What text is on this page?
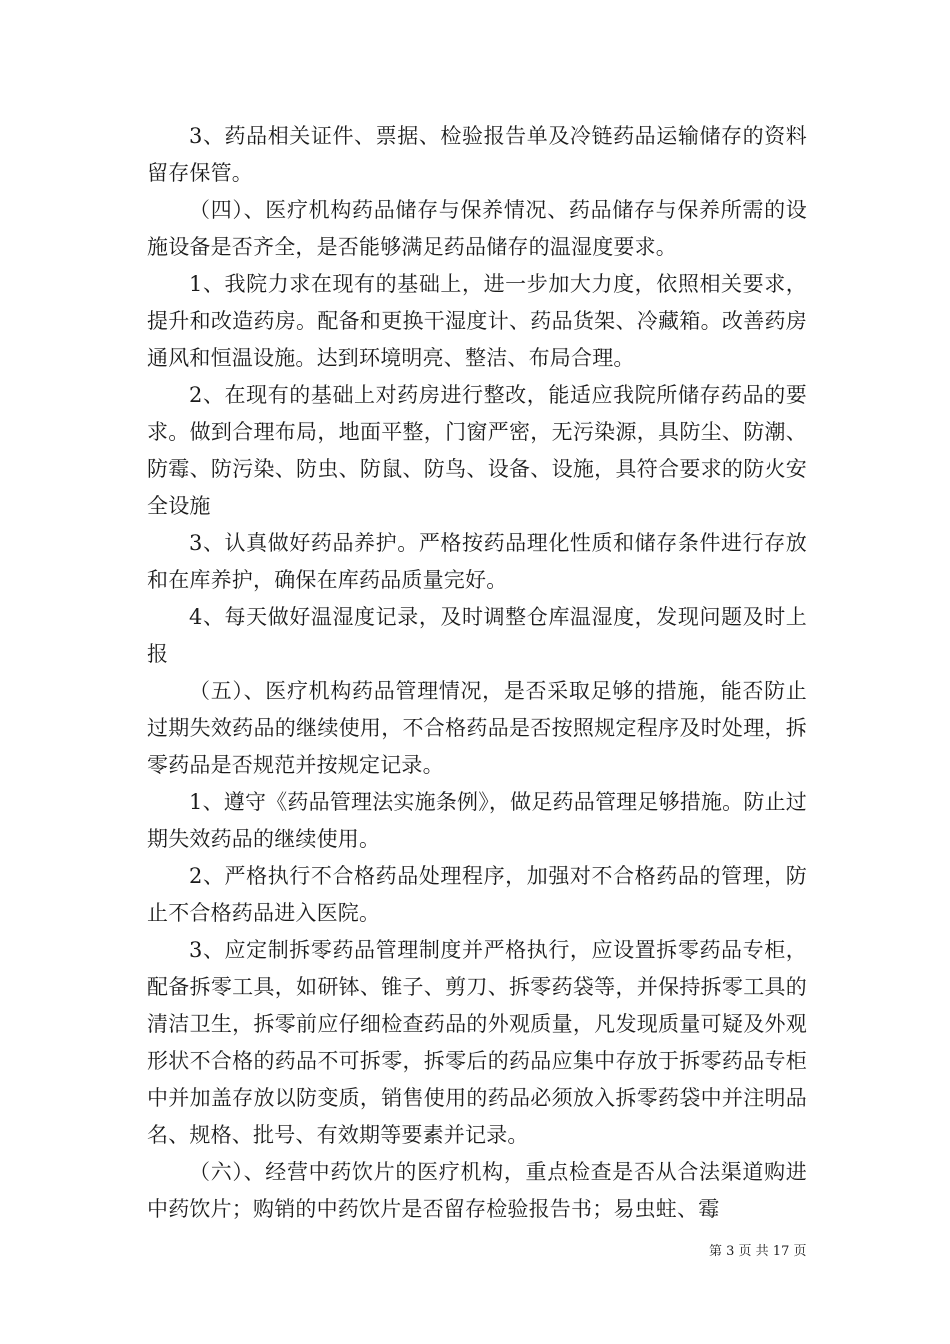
3、药品相关证件、票据、检验报告单及冷链药品运输储存的资料留存保管。

（四）、医疗机构药品储存与保养情况、药品储存与保养所需的设施设备是否齐全，是否能够满足药品储存的温湿度要求。

1、我院力求在现有的基础上，进一步加大力度，依照相关要求，提升和改造药房。配备和更换干湿度计、药品货架、冷藏箱。改善药房通风和恒温设施。达到环境明亮、整洁、布局合理。

2、在现有的基础上对药房进行整改，能适应我院所储存药品的要求。做到合理布局，地面平整，门窗严密，无污染源，具防尘、防潮、防霉、防污染、防虫、防鼠、防鸟、设备、设施，具符合要求的防火安全设施

3、认真做好药品养护。严格按药品理化性质和储存条件进行存放和在库养护，确保在库药品质量完好。

4、每天做好温湿度记录，及时调整仓库温湿度，发现问题及时上报

（五）、医疗机构药品管理情况，是否采取足够的措施，能否防止过期失效药品的继续使用，不合格药品是否按照规定程序及时处理，拆零药品是否规范并按规定记录。

1、遵守《药品管理法实施条例》，做足药品管理足够措施。防止过期失效药品的继续使用。

2、严格执行不合格药品处理程序，加强对不合格药品的管理，防止不合格药品进入医院。

3、应定制拆零药品管理制度并严格执行，应设置拆零药品专柜，配备拆零工具，如研钵、锥子、剪刀、拆零药袋等，并保持拆零工具的清洁卫生，拆零前应仔细检查药品的外观质量，凡发现质量可疑及外观形状不合格的药品不可拆零，拆零后的药品应集中存放于拆零药品专柜中并加盖存放以防变质，销售使用的药品必须放入拆零药袋中并注明品名、规格、批号、有效期等要素并记录。

（六）、经营中药饮片的医疗机构，重点检查是否从合法渠道购进中药饮片；购销的中药饮片是否留存检验报告书；易虫蛀、霉

第 3 页 共 17 页
